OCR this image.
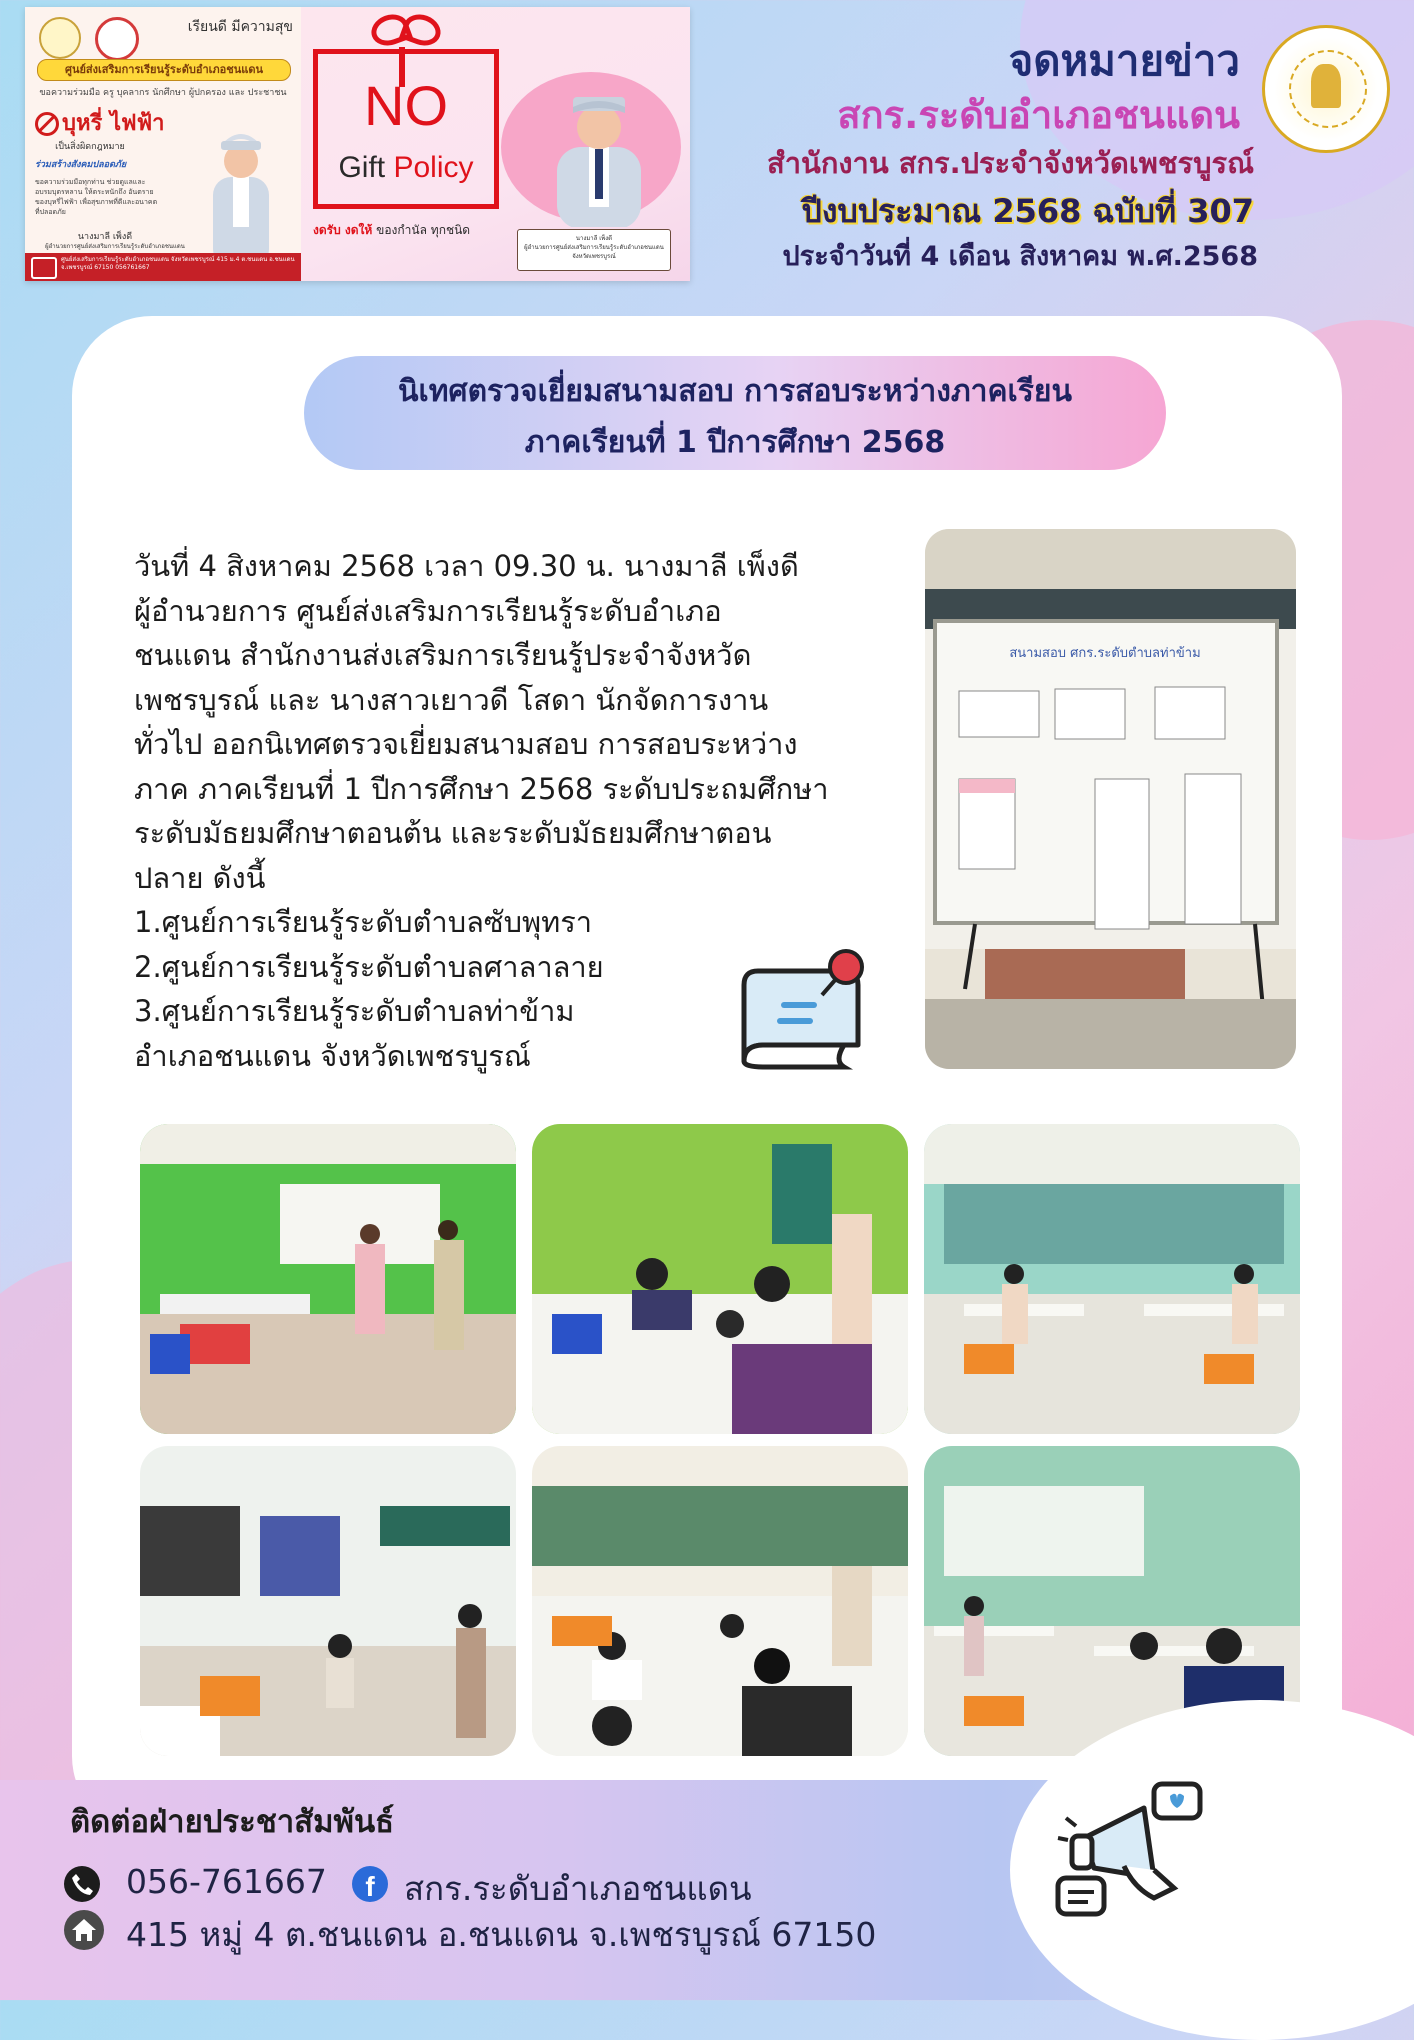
เรียนดี มีความสุข
ศูนย์ส่งเสริมการเรียนรู้ระดับอำเภอชนแดน
ขอความร่วมมือ ครู บุคลากร นักศึกษา ผู้ปกครอง และ ประชาชน
บุหรี่ ไฟฟ้า
เป็นสิ่งผิดกฎหมาย
ร่วมสร้างสังคมปลอดภัย
ขอความร่วมมือทุกท่าน ช่วยดูแลและอบรมบุตรหลาน ให้ตระหนักถึง อันตรายของบุหรี่ไฟฟ้า เพื่อสุขภาพที่ดีและอนาคตที่ปลอดภัย
นางมาลี เพ็งดี
ผู้อำนวยการศูนย์ส่งเสริมการเรียนรู้ระดับอำเภอชนแดน
ศูนย์ส่งเสริมการเรียนรู้ระดับอำเภอชนแดน จังหวัดเพชรบูรณ์ 415 ม.4 ต.ชนแดน อ.ชนแดน จ.เพชรบูรณ์ 67150 056761667
NO
Gift Policy
งดรับ งดให้ ของกำนัล ทุกชนิด
นางมาลี เพ็งดี
ผู้อำนวยการศูนย์ส่งเสริมการเรียนรู้ระดับอำเภอชนแดน จังหวัดเพชรบูรณ์
จดหมายข่าว
สกร.ระดับอำเภอชนแดน
สำนักงาน สกร.ประจำจังหวัดเพชรบูรณ์
ปีงบประมาณ 2568 ฉบับที่ 307
ประจำวันที่ 4 เดือน สิงหาคม พ.ศ.2568
นิเทศตรวจเยี่ยมสนามสอบ การสอบระหว่างภาคเรียน
ภาคเรียนที่ 1 ปีการศึกษา 2568

วันที่ 4 สิงหาคม 2568 เวลา 09.30 น. นางมาลี เพ็งดี

ผู้อำนวยการ ศูนย์ส่งเสริมการเรียนรู้ระดับอำเภอ

ชนแดน สำนักงานส่งเสริมการเรียนรู้ประจำจังหวัด

เพชรบูรณ์ และ นางสาวเยาวดี โสดา นักจัดการงาน

ทั่วไป ออกนิเทศตรวจเยี่ยมสนามสอบ การสอบระหว่าง

ภาค ภาคเรียนที่ 1 ปีการศึกษา 2568 ระดับประถมศึกษา

ระดับมัธยมศึกษาตอนต้น และระดับมัธยมศึกษาตอน

ปลาย ดังนี้

1.ศูนย์การเรียนรู้ระดับตำบลซับพุทรา

2.ศูนย์การเรียนรู้ระดับตำบลศาลาลาย

3.ศูนย์การเรียนรู้ระดับตำบลท่าข้าม

อำเภอชนแดน จังหวัดเพชรบูรณ์

สนามสอบ ศกร.ระดับตำบลท่าข้าม
ติดต่อฝ่ายประชาสัมพันธ์
056-761667	f สกร.ระดับอำเภอชนแดน
415 หมู่ 4 ต.ชนแดน อ.ชนแดน จ.เพชรบูรณ์ 67150
